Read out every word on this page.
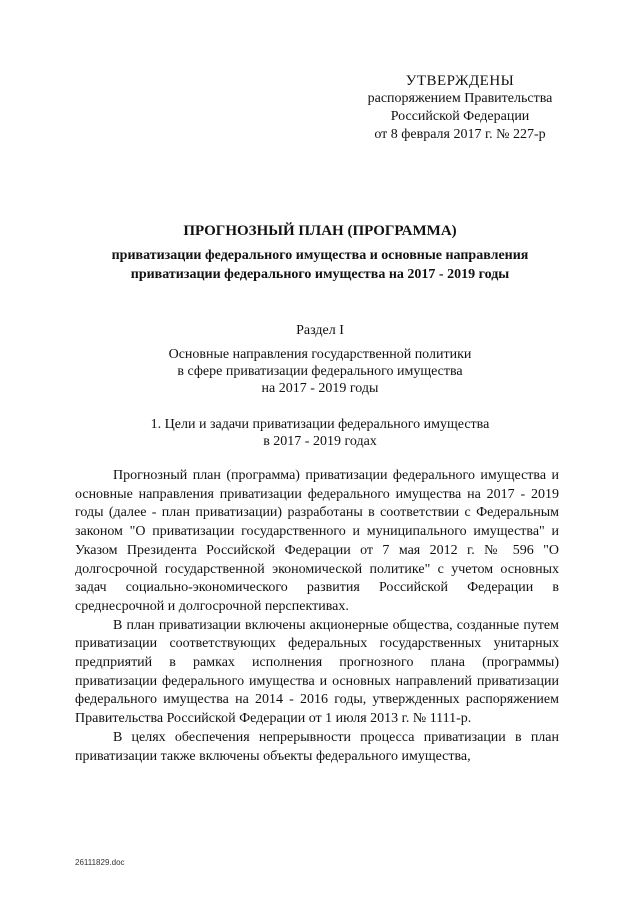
УТВЕРЖДЕНЫ
распоряжением Правительства
Российской Федерации
от 8 февраля 2017 г. № 227-р
ПРОГНОЗНЫЙ ПЛАН (ПРОГРАММА)
приватизации федерального имущества и основные направления
приватизации федерального имущества на 2017 - 2019 годы
Раздел I
Основные направления государственной политики
в сфере приватизации федерального имущества
на 2017 - 2019 годы
1. Цели и задачи приватизации федерального имущества
в 2017 - 2019 годах

Прогнозный план (программа) приватизации федерального имущества и основные направления приватизации федерального имущества на 2017 - 2019 годы (далее - план приватизации) разработаны в соответствии с Федеральным законом "О приватизации государственного и муниципального имущества" и Указом Президента Российской Федерации от 7 мая 2012 г. № 596 "О долгосрочной государственной экономической политике" с учетом основных задач социально-экономического развития Российской Федерации в среднесрочной и долгосрочной перспективах.

В план приватизации включены акционерные общества, созданные путем приватизации соответствующих федеральных государственных унитарных предприятий в рамках исполнения прогнозного плана (программы) приватизации федерального имущества и основных направлений приватизации федерального имущества на 2014 - 2016 годы, утвержденных распоряжением Правительства Российской Федерации от 1 июля 2013 г. № 1111-р.

В целях обеспечения непрерывности процесса приватизации в план приватизации также включены объекты федерального имущества,

26111829.doc
